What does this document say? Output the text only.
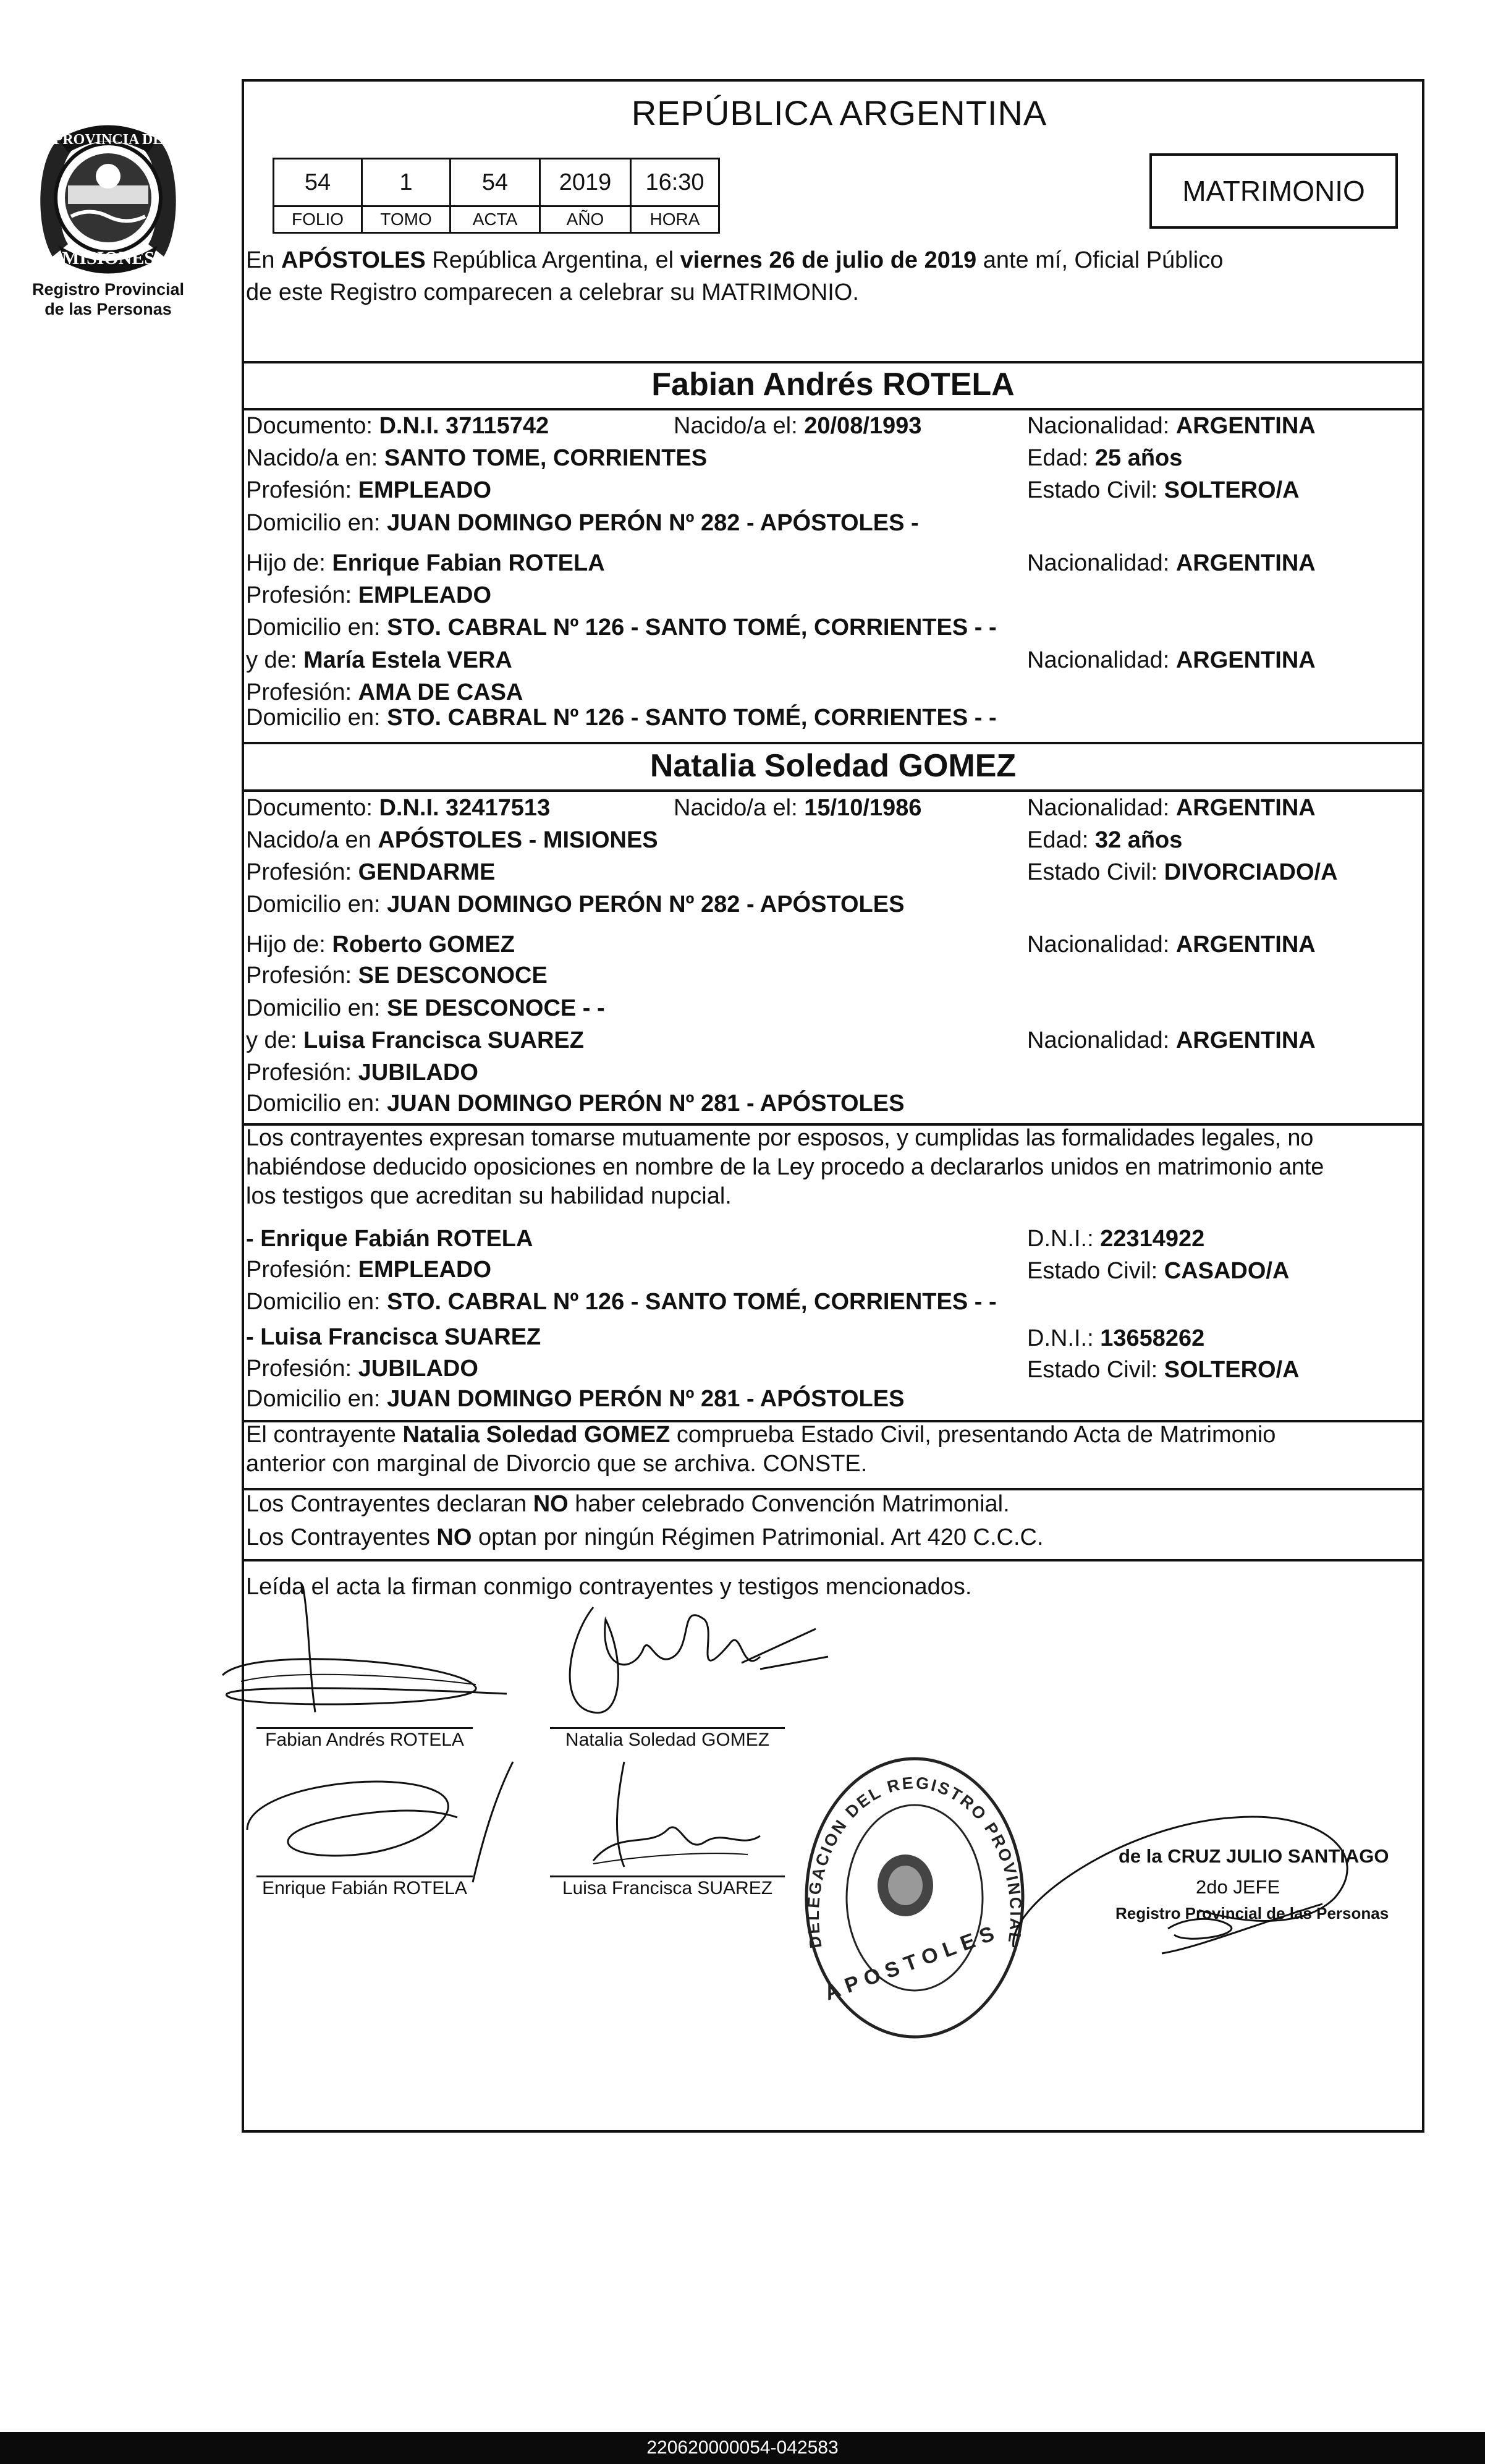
PROVINCIA DE
MISIONES
Registro Provincial
de las Personas
REPÚBLICA ARGENTINA
54	1	54	2019	16:30
FOLIO	TOMO	ACTA	AÑO	HORA
MATRIMONIO
En APÓSTOLES República Argentina, el viernes 26 de julio de 2019 ante mí, Oficial Público
de este Registro comparecen a celebrar su MATRIMONIO.
Fabian Andrés ROTELA
Documento: D.N.I. 37115742	Nacido/a el: 20/08/1993	Nacionalidad: ARGENTINA
Nacido/a en: SANTO TOME, CORRIENTES	Edad: 25 años
Profesión: EMPLEADO	Estado Civil: SOLTERO/A
Domicilio en: JUAN DOMINGO PERÓN Nº 282 - APÓSTOLES -
Hijo de: Enrique Fabian ROTELA	Nacionalidad: ARGENTINA
Profesión: EMPLEADO
Domicilio en: STO. CABRAL Nº 126 - SANTO TOMÉ, CORRIENTES - -
y de: María Estela VERA	Nacionalidad: ARGENTINA
Profesión: AMA DE CASA
Domicilio en: STO. CABRAL Nº 126 - SANTO TOMÉ, CORRIENTES - -
Natalia Soledad GOMEZ
Documento: D.N.I. 32417513	Nacido/a el: 15/10/1986	Nacionalidad: ARGENTINA
Nacido/a en APÓSTOLES - MISIONES	Edad: 32 años
Profesión: GENDARME	Estado Civil: DIVORCIADO/A
Domicilio en: JUAN DOMINGO PERÓN Nº 282 - APÓSTOLES
Hijo de: Roberto GOMEZ	Nacionalidad: ARGENTINA
Profesión: SE DESCONOCE
Domicilio en: SE DESCONOCE - -
y de: Luisa Francisca SUAREZ	Nacionalidad: ARGENTINA
Profesión: JUBILADO
Domicilio en: JUAN DOMINGO PERÓN Nº 281 - APÓSTOLES
Los contrayentes expresan tomarse mutuamente por esposos, y cumplidas las formalidades legales, no
habiéndose deducido oposiciones en nombre de la Ley procedo a declararlos unidos en matrimonio ante
los testigos que acreditan su habilidad nupcial.
- Enrique Fabián ROTELA	D.N.I.: 22314922
Profesión: EMPLEADO	Estado Civil: CASADO/A
Domicilio en: STO. CABRAL Nº 126 - SANTO TOMÉ, CORRIENTES - -
- Luisa Francisca SUAREZ	D.N.I.: 13658262
Profesión: JUBILADO	Estado Civil: SOLTERO/A
Domicilio en: JUAN DOMINGO PERÓN Nº 281 - APÓSTOLES
El contrayente Natalia Soledad GOMEZ comprueba Estado Civil, presentando Acta de Matrimonio
anterior con marginal de Divorcio que se archiva. CONSTE.
Los Contrayentes declaran NO haber celebrado Convención Matrimonial.
Los Contrayentes NO optan por ningún Régimen Patrimonial. Art 420 C.C.C.
Leída el acta la firman conmigo contrayentes y testigos mencionados.
Fabian Andrés ROTELA	Natalia Soledad GOMEZ
Enrique Fabián ROTELA	Luisa Francisca SUAREZ
DELEGACION DEL REGISTRO PROVINCIAL DE LAS PERSONAS
APOSTOLES
de la CRUZ JULIO SANTIAGO
2do JEFE
Registro Provincial de las Personas
220620000054-042583
